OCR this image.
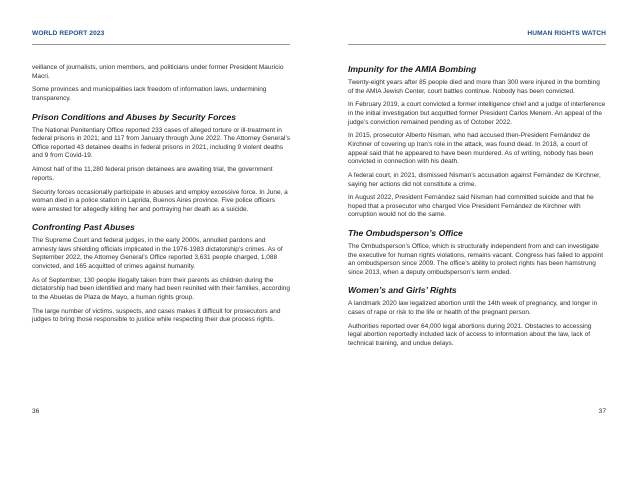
WORLD REPORT 2023

veillance of journalists, union members, and politicians under former President Mauricio Macri.

Some provinces and municipalities lack freedom of information laws, undermining transparency.

Prison Conditions and Abuses by Security Forces

The National Penitentiary Office reported 233 cases of alleged torture or ill-treatment in federal prisons in 2021; and 117 from January through June 2022. The Attorney General’s Office reported 43 detainee deaths in federal prisons in 2021, including 9 violent deaths and 9 from Covid-19.

Almost half of the 11,280 federal prison detainees are awaiting trial, the government reports.

Security forces occasionally participate in abuses and employ excessive force. In June, a woman died in a police station in Laprida, Buenos Aires province. Five police officers were arrested for allegedly killing her and portraying her death as a suicide.

Confronting Past Abuses

The Supreme Court and federal judges, in the early 2000s, annulled pardons and amnesty laws shielding officials implicated in the 1976-1983 dictatorship’s crimes. As of September 2022, the Attorney General’s Office reported 3,631 people charged, 1,088 convicted, and 165 acquitted of crimes against humanity.

As of September, 130 people illegally taken from their parents as children during the dictatorship had been identified and many had been reunited with their families, according to the Abuelas de Plaza de Mayo, a human rights group.

The large number of victims, suspects, and cases makes it difficult for prosecutors and judges to bring those responsible to justice while respecting their due process rights.

36
HUMAN RIGHTS WATCH
Impunity for the AMIA Bombing

Twenty-eight years after 85 people died and more than 300 were injured in the bombing of the AMIA Jewish Center, court battles continue. Nobody has been convicted.

In February 2019, a court convicted a former intelligence chief and a judge of interference in the initial investigation but acquitted former President Carlos Menem. An appeal of the judge’s conviction remained pending as of October 2022.

In 2015, prosecutor Alberto Nisman, who had accused then-President Fernández de Kirchner of covering up Iran’s role in the attack, was found dead. In 2018, a court of appeal said that he appeared to have been murdered. As of writing, nobody has been convicted in connection with his death.

A federal court, in 2021, dismissed Nisman’s accusation against Fernández de Kirchner, saying her actions did not constitute a crime.

In August 2022, President Fernández said Nisman had committed suicide and that he hoped that a prosecutor who charged Vice President Fernández de Kirchner with corruption would not do the same.

The Ombudsperson’s Office

The Ombudsperson’s Office, which is structurally independent from and can investigate the executive for human rights violations, remains vacant. Congress has failed to appoint an ombudsperson since 2009. The office’s ability to protect rights has been hamstrung since 2013, when a deputy ombudsperson’s term ended.

Women’s and Girls’ Rights

A landmark 2020 law legalized abortion until the 14th week of pregnancy, and longer in cases of rape or risk to the life or health of the pregnant person.

Authorities reported over 64,000 legal abortions during 2021. Obstacles to accessing legal abortion reportedly included lack of access to information about the law, lack of technical training, and undue delays.

37
